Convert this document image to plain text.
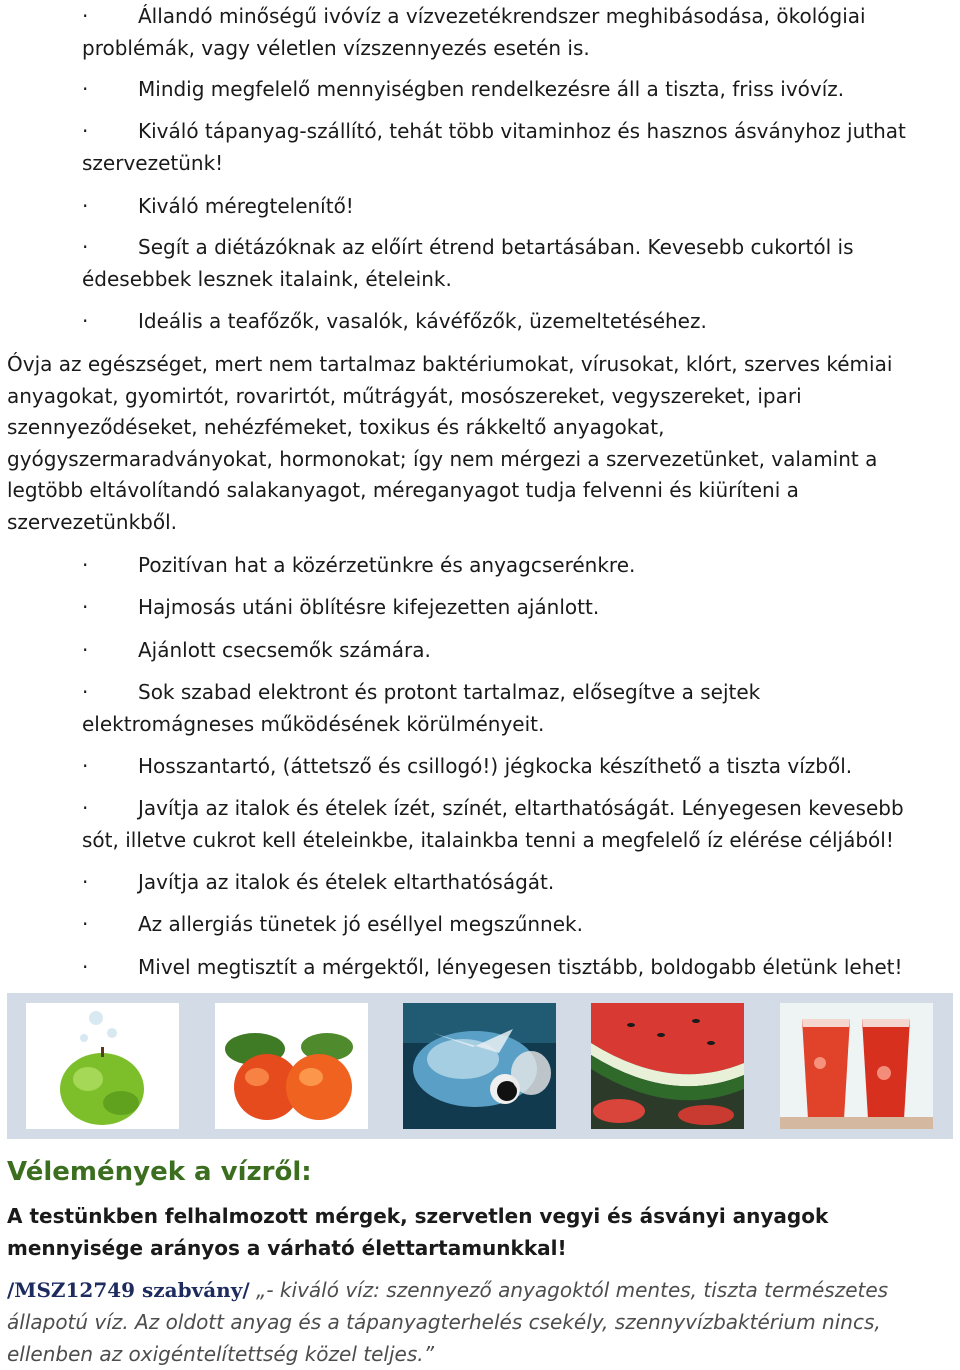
· Állandó minőségű ivóvíz a vízvezetékrendszer meghibásodása, ökológiai
problémák, vagy véletlen vízszennyezés esetén is.
· Mindig megfelelő mennyiségben rendelkezésre áll a tiszta, friss ivóvíz.
· Kiváló tápanyag-szállító, tehát több vitaminhoz és hasznos ásványhoz juthat
szervezetünk!
· Kiváló méregtelenítő!
· Segít a diétázóknak az előírt étrend betartásában. Kevesebb cukortól is
édesebbek lesznek italaink, ételeink.
· Ideális a teafőzők, vasalók, kávéfőzők, üzemeltetéséhez.
Óvja az egészséget, mert nem tartalmaz baktériumokat, vírusokat, klórt, szerves kémiai
anyagokat, gyomirtót, rovarirtót, műtrágyát, mosószereket, vegyszereket, ipari
szennyeződéseket, nehézfémeket, toxikus és rákkeltő anyagokat,
gyógyszermaradványokat, hormonokat; így nem mérgezi a szervezetünket, valamint a
legtöbb eltávolítandó salakanyagot, méreganyagot tudja felvenni és kiüríteni a
szervezetünkből.
· Pozitívan hat a közérzetünkre és anyagcserénkre.
· Hajmosás utáni öblítésre kifejezetten ajánlott.
· Ajánlott csecsemők számára.
· Sok szabad elektront és protont tartalmaz, elősegítve a sejtek
elektromágneses működésének körülményeit.
· Hosszantartó, (áttetsző és csillogó!) jégkocka készíthető a tiszta vízből.
· Javítja az italok és ételek ízét, színét, eltarthatóságát. Lényegesen kevesebb
sót, illetve cukrot kell ételeinkbe, italainkba tenni a megfelelő íz elérése céljából!
· Javítja az italok és ételek eltarthatóságát.
· Az allergiás tünetek jó eséllyel megszűnnek.
· Mivel megtisztít a mérgektől, lényegesen tisztább, boldogabb életünk lehet!
Vélemények a vízről:
A testünkben felhalmozott mérgek, szervetlen vegyi és ásványi anyagok
mennyisége arányos a várható élettartamunkkal!
/MSZ12749 szabvány/ „- kiváló víz: szennyező anyagoktól mentes, tiszta természetes
állapotú víz. Az oldott anyag és a tápanyagterhelés csekély, szennyvízbaktérium nincs,
ellenben az oxigéntelítettség közel teljes.”
